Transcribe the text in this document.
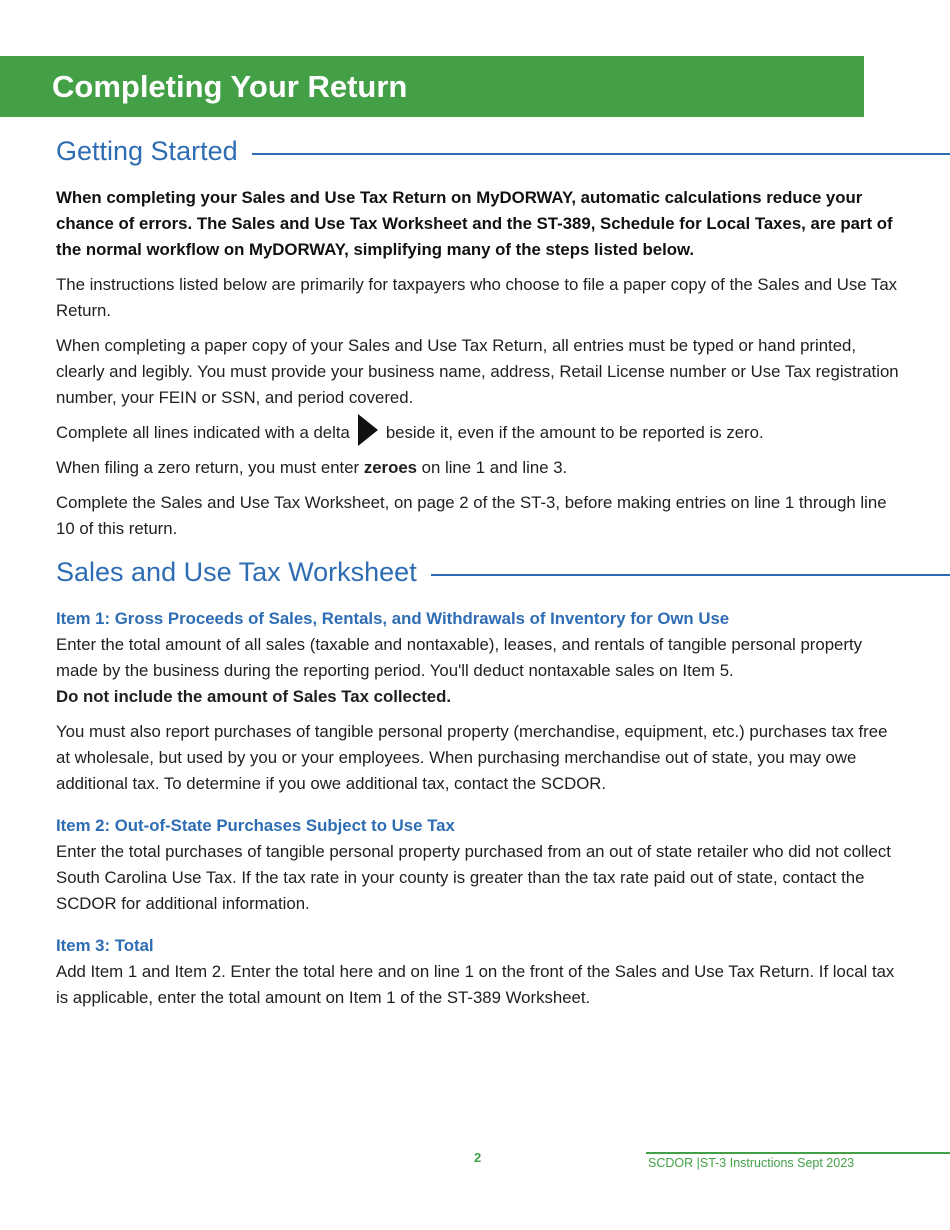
Completing Your Return
Getting Started

When completing your Sales and Use Tax Return on MyDORWAY, automatic calculations reduce your chance of errors. The Sales and Use Tax Worksheet and the ST-389, Schedule for Local Taxes, are part of the normal workflow on MyDORWAY, simplifying many of the steps listed below.

The instructions listed below are primarily for taxpayers who choose to file a paper copy of the Sales and Use Tax Return.

When completing a paper copy of your Sales and Use Tax Return, all entries must be typed or hand printed, clearly and legibly. You must provide your business name, address, Retail License number or Use Tax registration number, your FEIN or SSN, and period covered.

Complete all lines indicated with a delta beside it, even if the amount to be reported is zero.

When filing a zero return, you must enter zeroes on line 1 and line 3.

Complete the Sales and Use Tax Worksheet, on page 2 of the ST-3, before making entries on line 1 through line 10 of this return.

Sales and Use Tax Worksheet

Item 1: Gross Proceeds of Sales, Rentals, and Withdrawals of Inventory for Own Use

Enter the total amount of all sales (taxable and nontaxable), leases, and rentals of tangible personal property made by the business during the reporting period. You'll deduct nontaxable sales on Item 5.

Do not include the amount of Sales Tax collected.

You must also report purchases of tangible personal property (merchandise, equipment, etc.) purchases tax free at wholesale, but used by you or your employees. When purchasing merchandise out of state, you may owe additional tax. To determine if you owe additional tax, contact the SCDOR.

Item 2: Out-of-State Purchases Subject to Use Tax

Enter the total purchases of tangible personal property purchased from an out of state retailer who did not collect South Carolina Use Tax. If the tax rate in your county is greater than the tax rate paid out of state, contact the SCDOR for additional information.

Item 3: Total

Add Item 1 and Item 2. Enter the total here and on line 1 on the front of the Sales and Use Tax Return. If local tax is applicable, enter the total amount on Item 1 of the ST-389 Worksheet.

2	SCDOR |ST-3 Instructions Sept 2023
